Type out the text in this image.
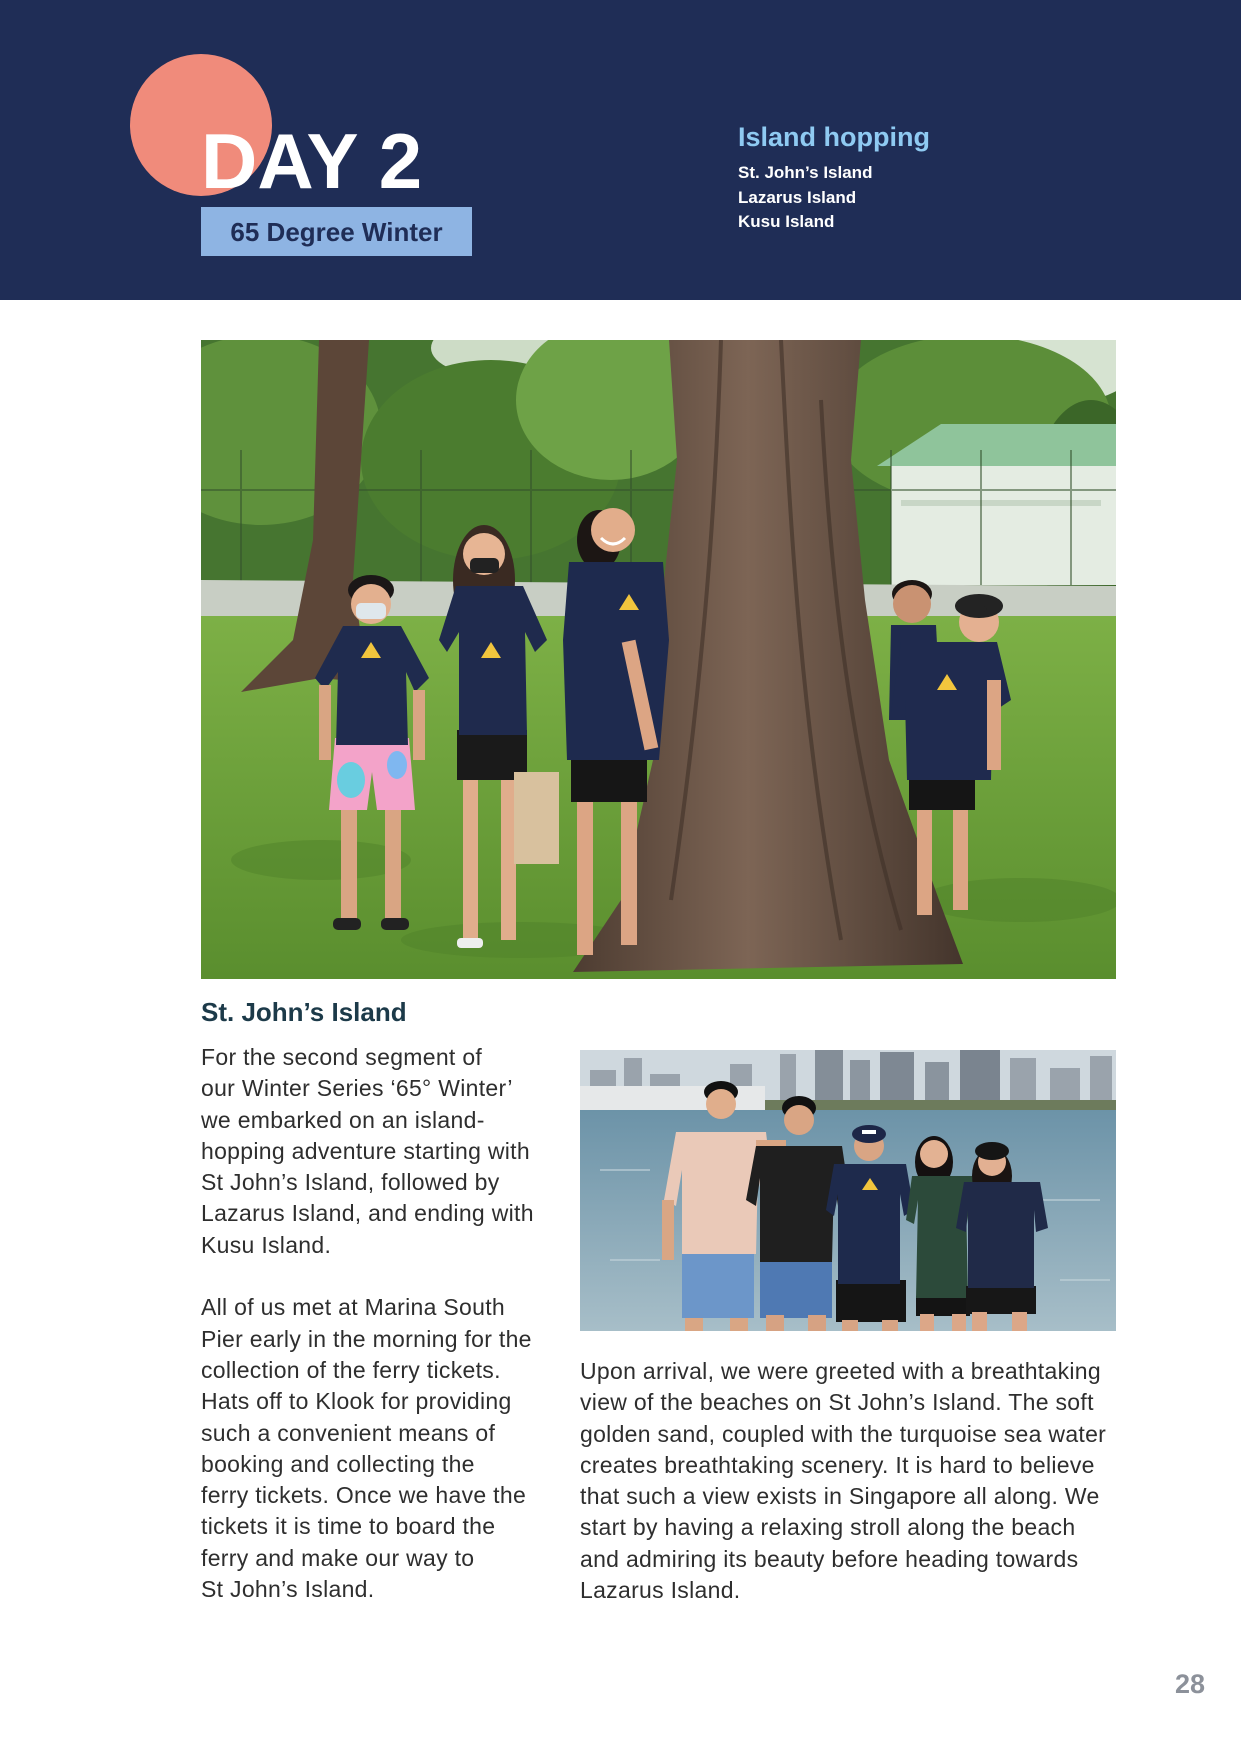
DAY 2
65 Degree Winter
Island hopping
St. John’s Island
Lazarus Island
Kusu Island
St. John’s Island

For the second segment of
our Winter Series ‘65° Winter’
we embarked on an island-
hopping adventure starting with
St John’s Island, followed by
Lazarus Island, and ending with
Kusu Island.

All of us met at Marina South
Pier early in the morning for the
collection of the ferry tickets.
Hats off to Klook for providing
such a convenient means of
booking and collecting the
ferry tickets. Once we have the
tickets it is time to board the
ferry and make our way to
St John’s Island.

Upon arrival, we were greeted with a breathtaking
view of the beaches on St John’s Island. The soft
golden sand, coupled with the turquoise sea water
creates breathtaking scenery. It is hard to believe
that such a view exists in Singapore all along. We
start by having a relaxing stroll along the beach
and admiring its beauty before heading towards
Lazarus Island.

28
